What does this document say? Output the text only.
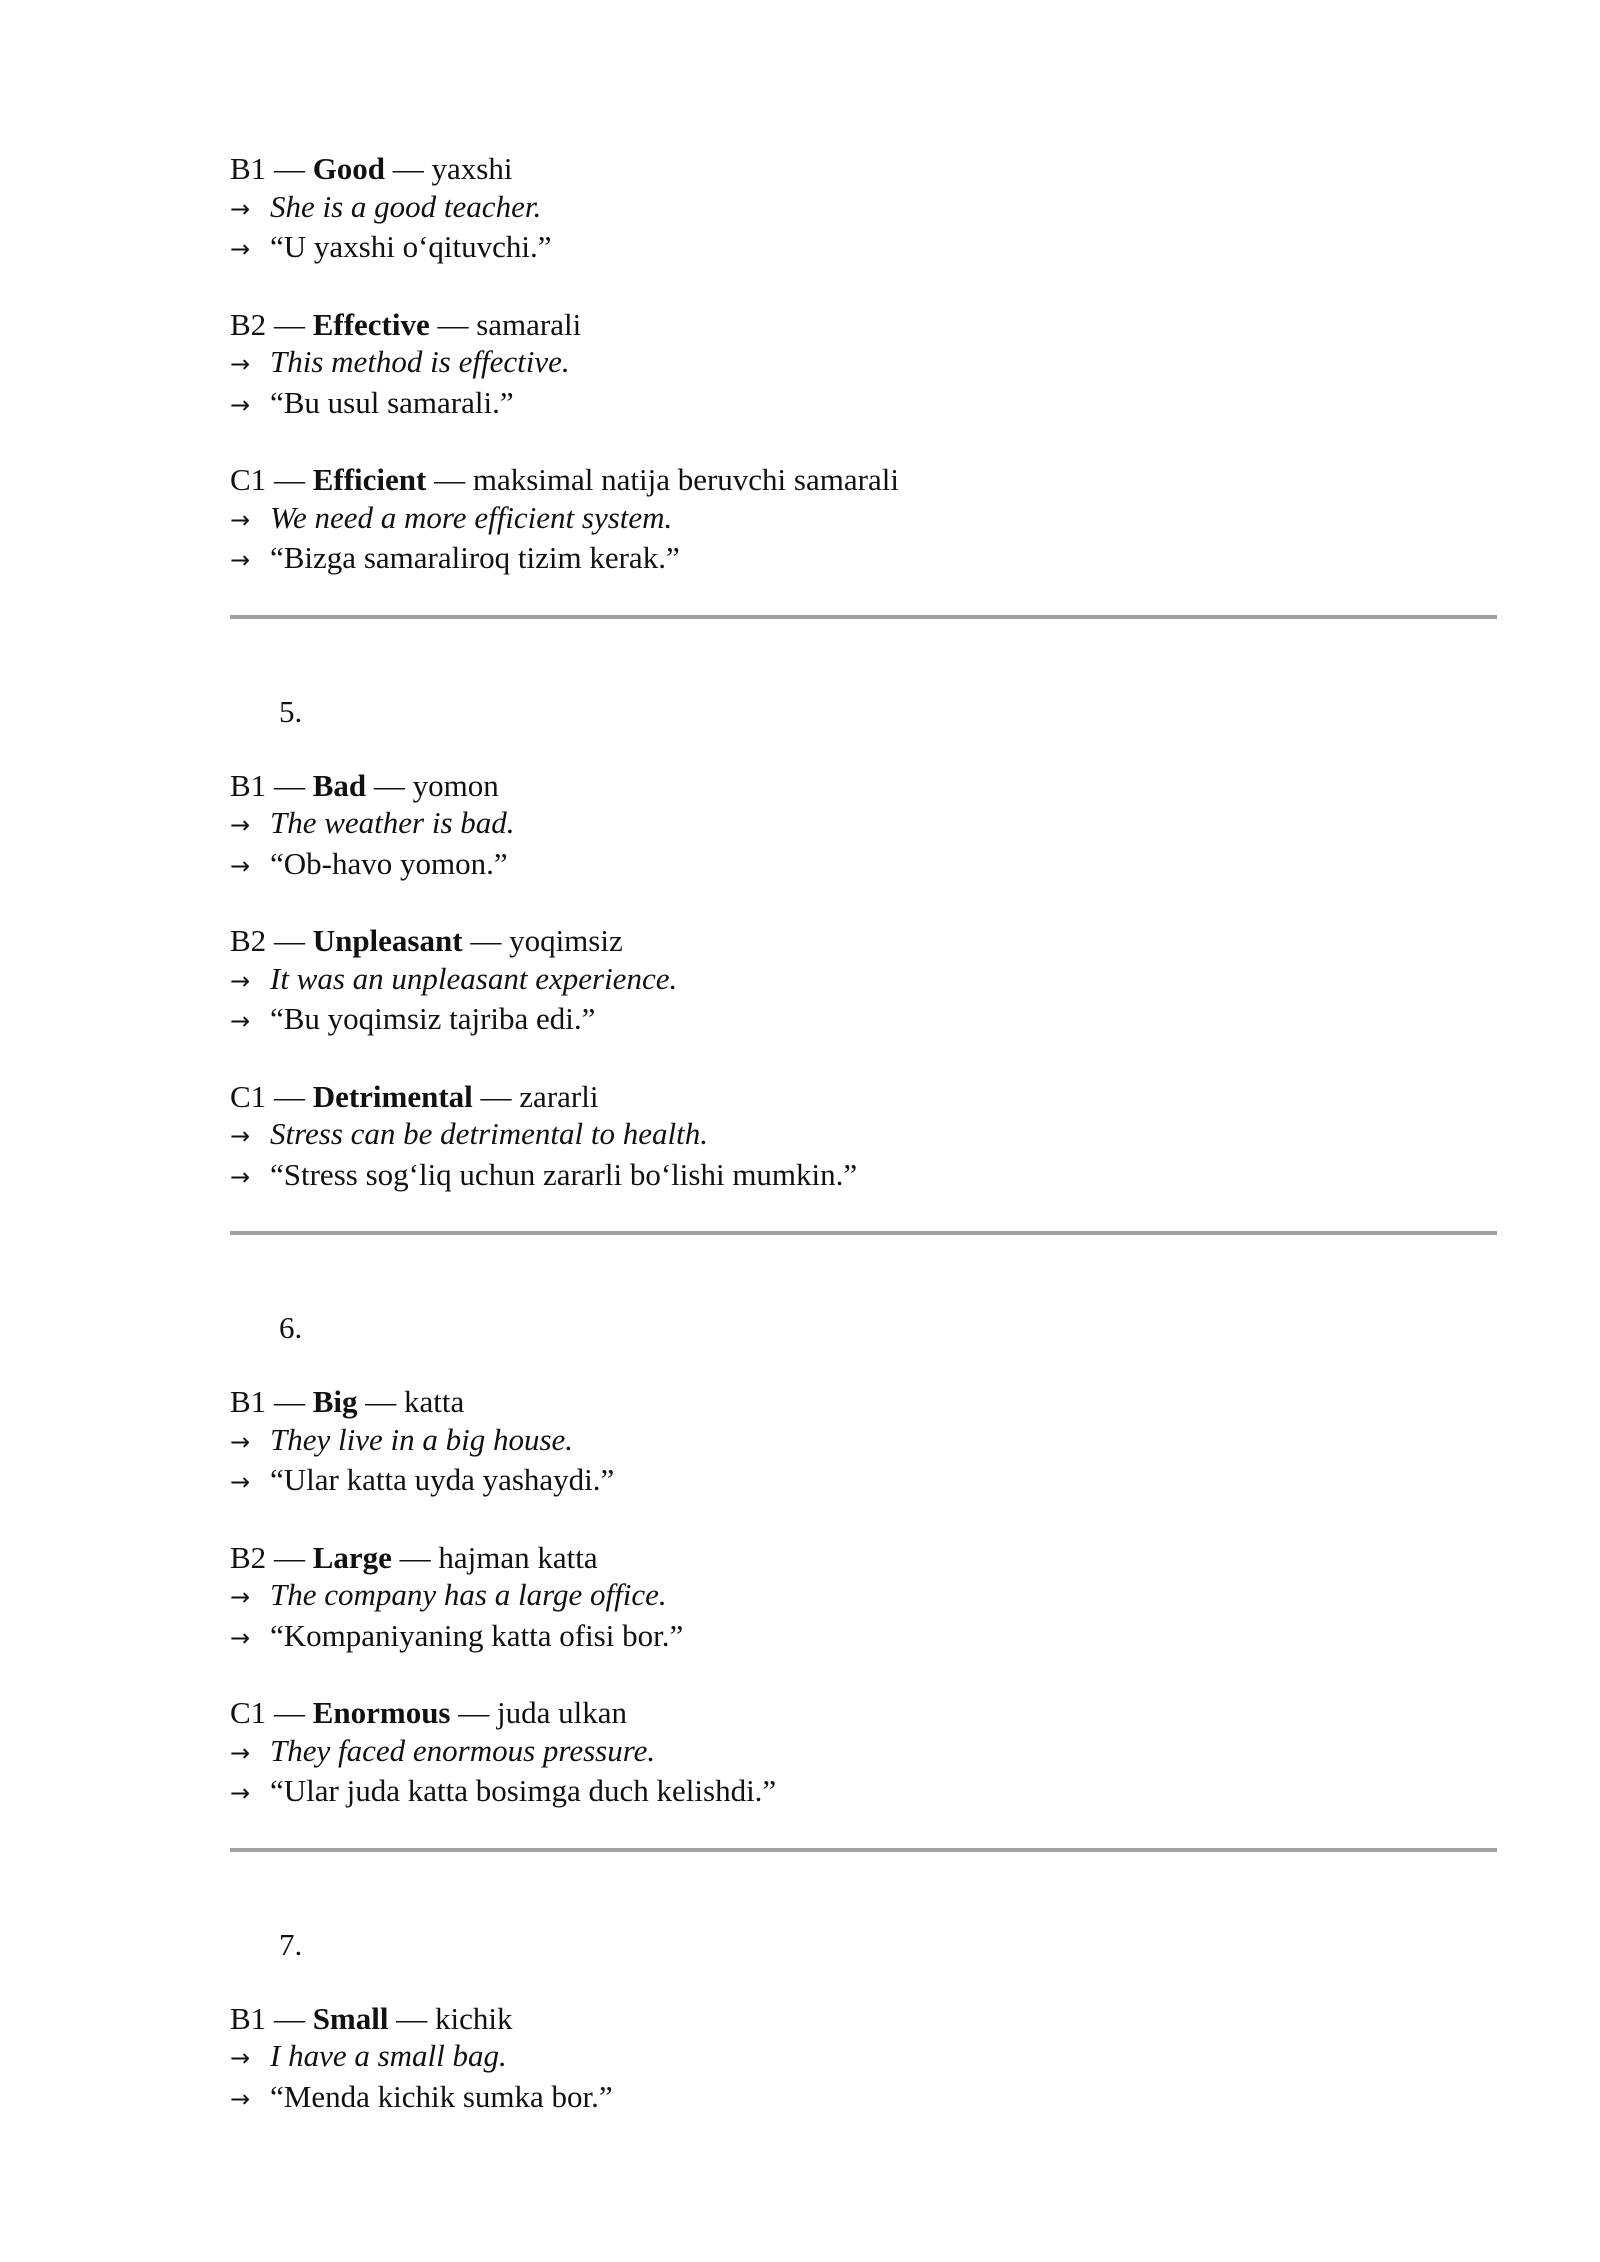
B1 — Good — yaxshi
→ She is a good teacher.
→ “U yaxshi oʻqituvchi.”
B2 — Effective — samarali
→ This method is effective.
→ “Bu usul samarali.”
C1 — Efficient — maksimal natija beruvchi samarali
→ We need a more efficient system.
→ “Bizga samaraliroq tizim kerak.”
5.
B1 — Bad — yomon
→ The weather is bad.
→ “Ob-havo yomon.”
B2 — Unpleasant — yoqimsiz
→ It was an unpleasant experience.
→ “Bu yoqimsiz tajriba edi.”
C1 — Detrimental — zararli
→ Stress can be detrimental to health.
→ “Stress sogʻliq uchun zararli boʻlishi mumkin.”
6.
B1 — Big — katta
→ They live in a big house.
→ “Ular katta uyda yashaydi.”
B2 — Large — hajman katta
→ The company has a large office.
→ “Kompaniyaning katta ofisi bor.”
C1 — Enormous — juda ulkan
→ They faced enormous pressure.
→ “Ular juda katta bosimga duch kelishdi.”
7.
B1 — Small — kichik
→ I have a small bag.
→ “Menda kichik sumka bor.”
